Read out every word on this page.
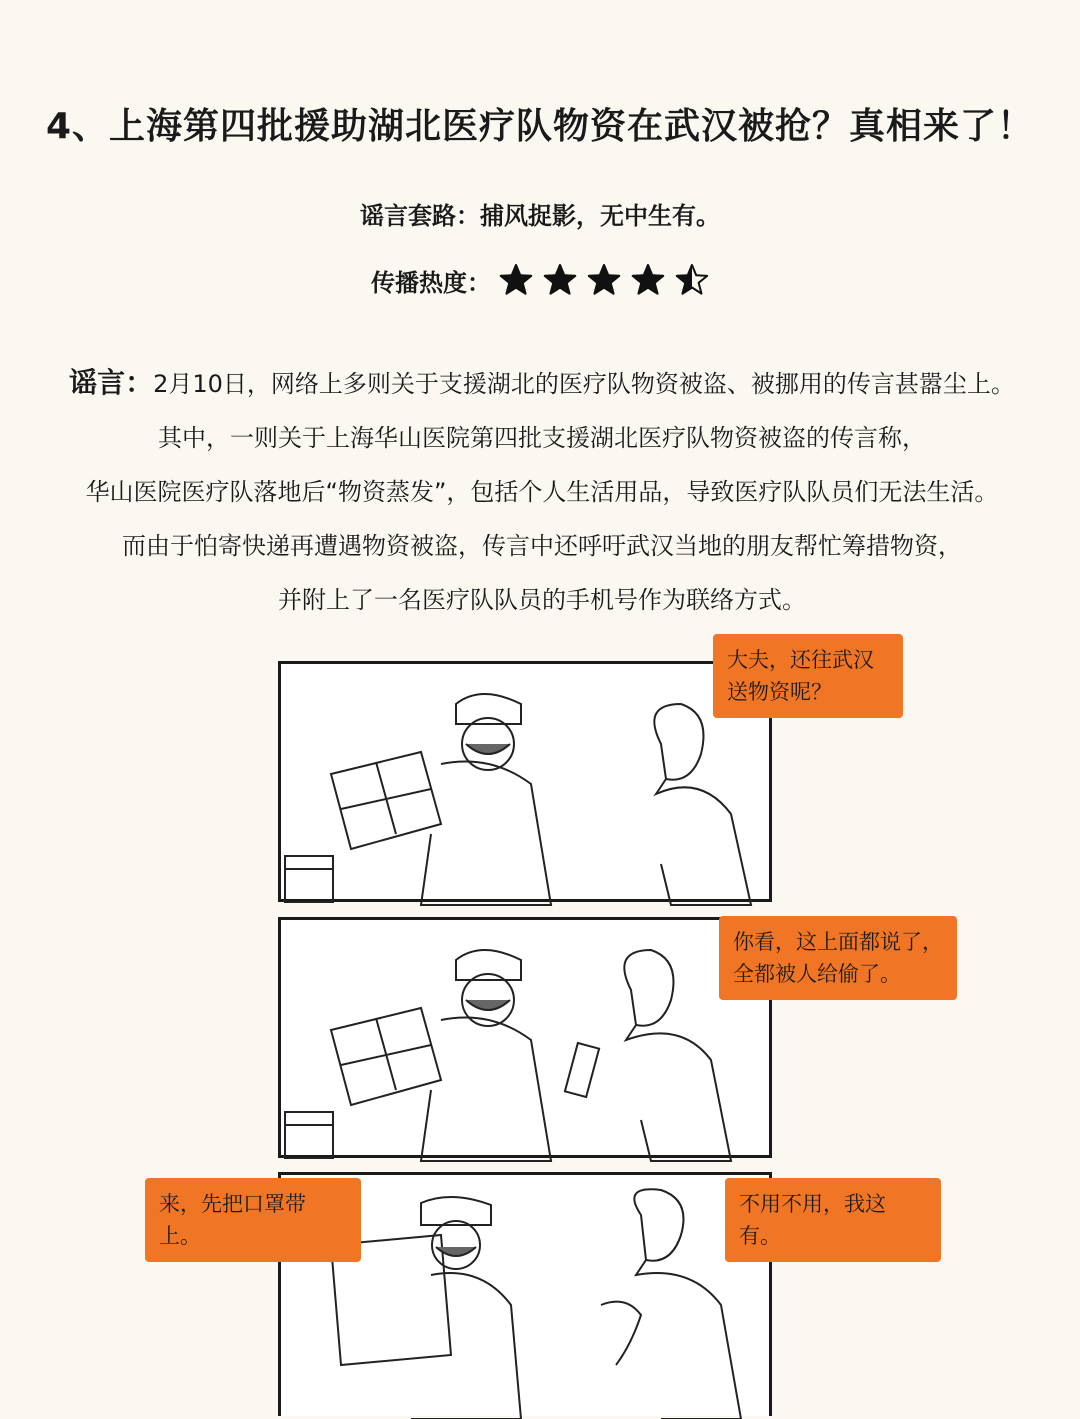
4、上海第四批援助湖北医疗队物资在武汉被抢？真相来了！
谣言套路：捕风捉影，无中生有。
传播热度：
谣言：2月10日，网络上多则关于支援湖北的医疗队物资被盗、被挪用的传言甚嚣尘上。
其中，一则关于上海华山医院第四批支援湖北医疗队物资被盗的传言称，
华山医院医疗队落地后“物资蒸发”，包括个人生活用品，导致医疗队队员们无法生活。
而由于怕寄快递再遭遇物资被盗，传言中还呼吁武汉当地的朋友帮忙筹措物资，
并附上了一名医疗队队员的手机号作为联络方式。
大夫，还往武汉
送物资呢？
你看，这上面都说了，
全都被人给偷了。
来，先把口罩带上。
不用不用，我这有。
